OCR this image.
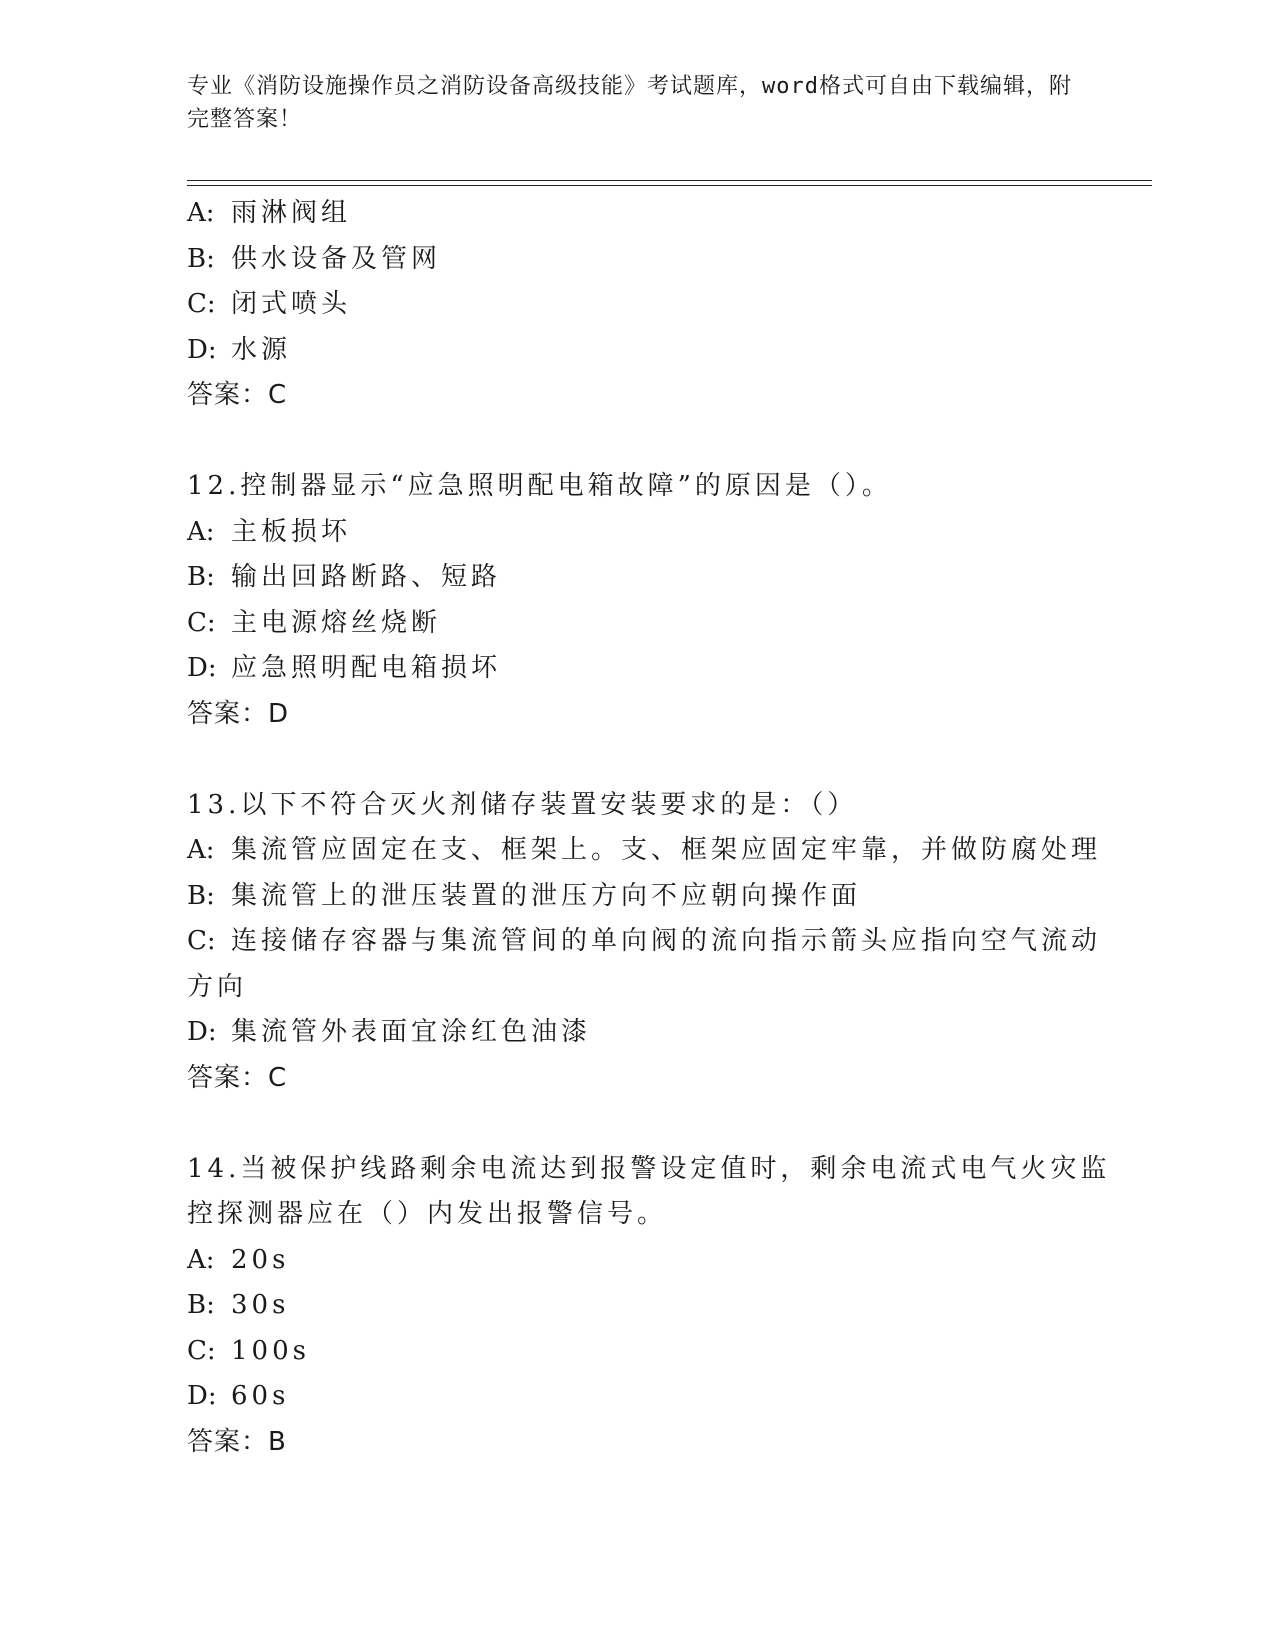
专业《消防设施操作员之消防设备高级技能》考试题库，word格式可自由下载编辑，附完整答案！
A: 雨淋阀组
B: 供水设备及管网
C: 闭式喷头
D: 水源
答案：C
12.控制器显示“应急照明配电箱故障”的原因是（）。
A: 主板损坏
B: 输出回路断路、短路
C: 主电源熔丝烧断
D: 应急照明配电箱损坏
答案：D
13.以下不符合灭火剂储存装置安装要求的是：（）
A: 集流管应固定在支、框架上。支、框架应固定牢靠，并做防腐处理
B: 集流管上的泄压装置的泄压方向不应朝向操作面
C: 连接储存容器与集流管间的单向阀的流向指示箭头应指向空气流动
方向
D: 集流管外表面宜涂红色油漆
答案：C
14.当被保护线路剩余电流达到报警设定值时，剩余电流式电气火灾监
控探测器应在（）内发出报警信号。
A: 20s
B: 30s
C: 100s
D: 60s
答案：B
